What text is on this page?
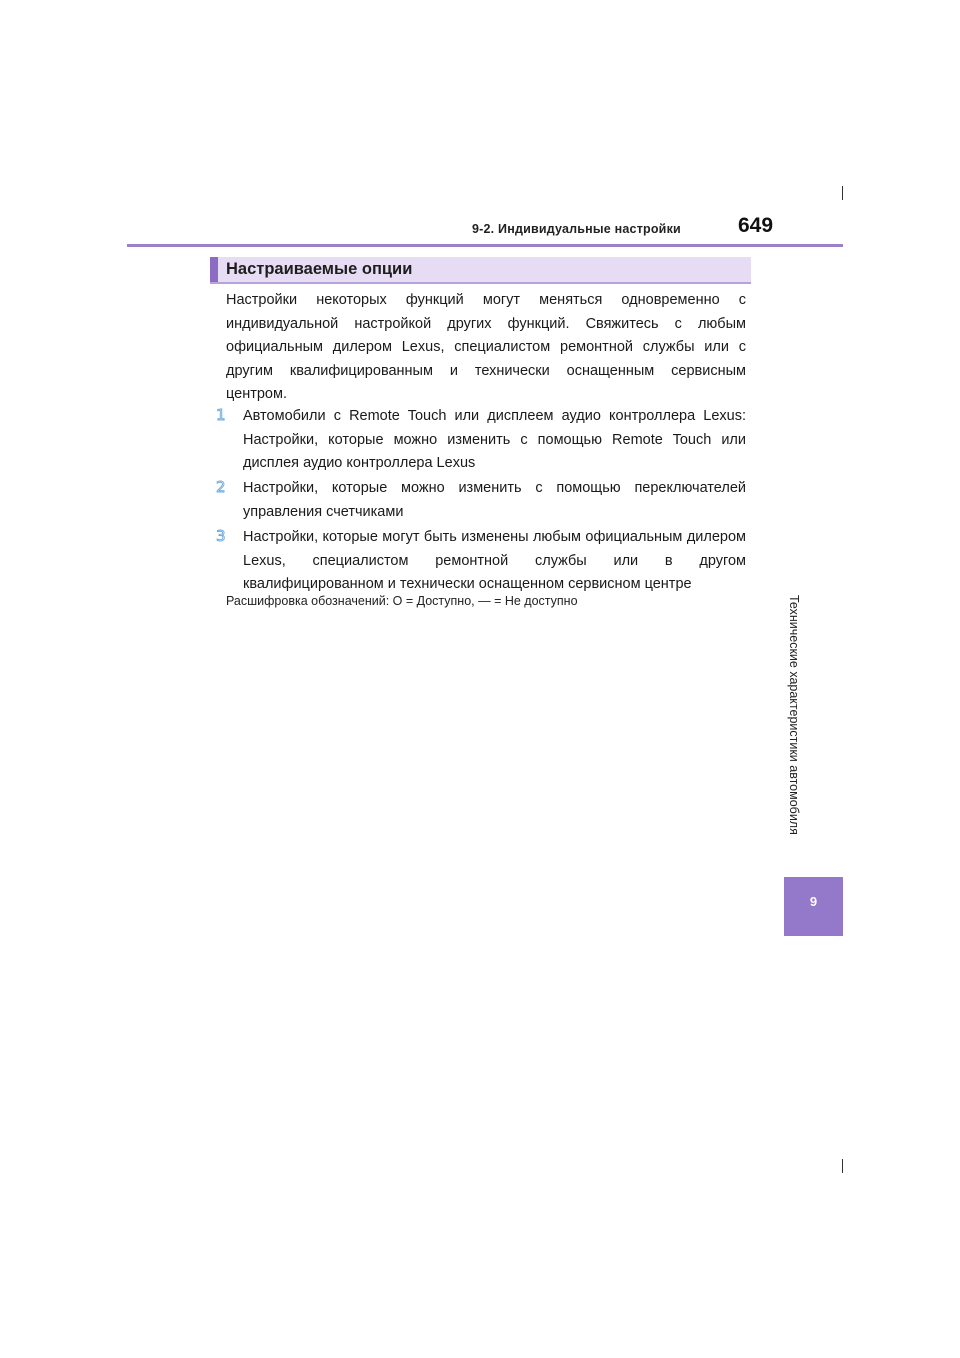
9-2. Индивидуальные настройки	649
Настраиваемые опции

Настройки некоторых функций могут меняться одновременно с индивидуальной настройкой других функций. Свяжитесь с любым официальным дилером Lexus, специалистом ремонтной службы или с другим квалифицированным и технически оснащенным сервисным центром.

1	Автомобили с Remote Touch или дисплеем аудио контроллера Lexus: Настройки, которые можно изменить с помощью Remote Touch или дисплея аудио контроллера Lexus

2	Настройки, которые можно изменить с помощью переключателей управления счетчиками

3	Настройки, которые могут быть изменены любым официальным дилером Lexus, специалистом ремонтной службы или в другом квалифицированном и технически оснащенном сервисном центре

Расшифровка обозначений: O = Доступно, — = Не доступно	Технические характеристики автомобиля
9
